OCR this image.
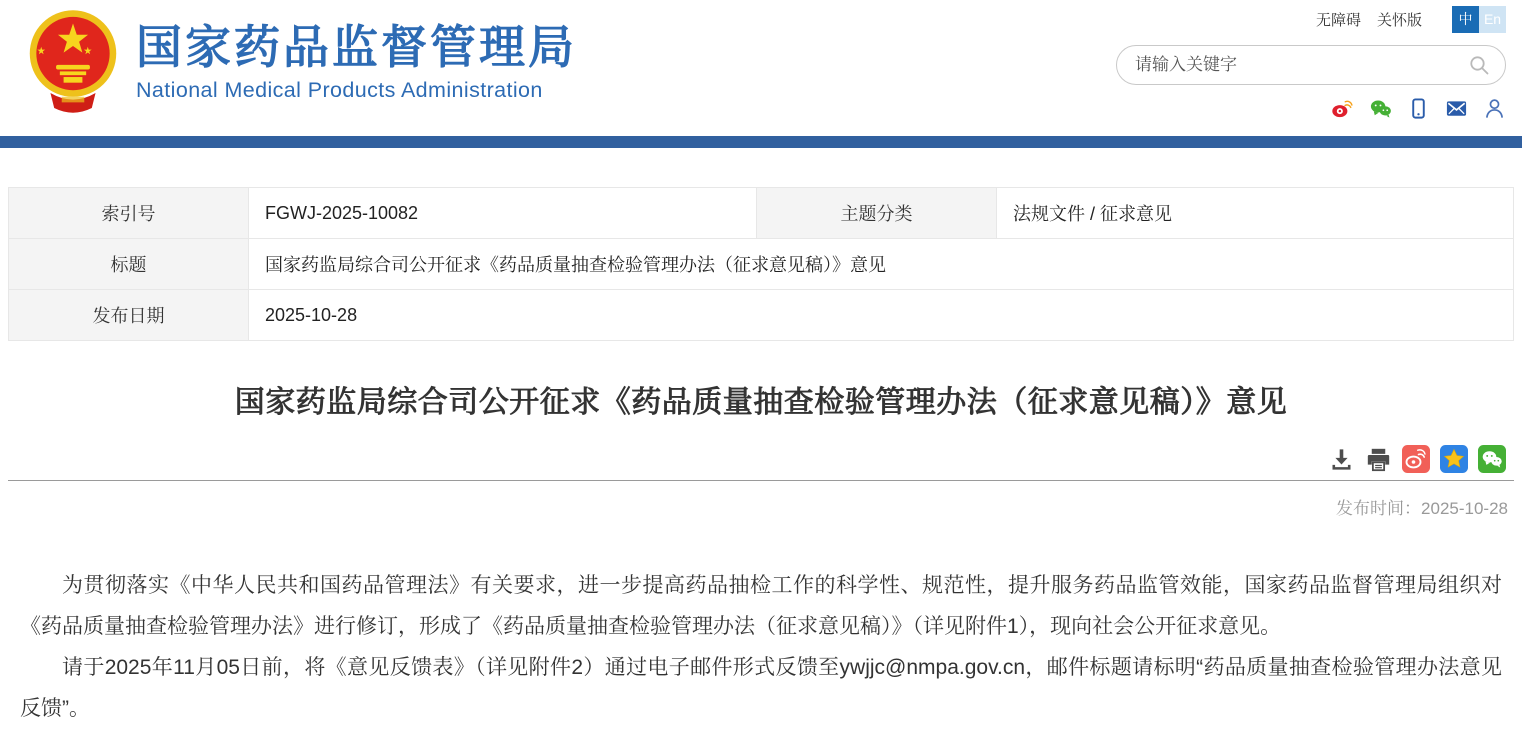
国家药品监督管理局
National Medical Products Administration
无障碍 关怀版	中 En
请输入关键字
索引号	FGWJ-2025-10082	主题分类	法规文件 / 征求意见
标题	国家药监局综合司公开征求《药品质量抽查检验管理办法（征求意见稿）》意见		
发布日期	2025-10-28		
国家药监局综合司公开征求《药品质量抽查检验管理办法（征求意见稿）》意见
发布时间：2025-10-28

为贯彻落实《中华人民共和国药品管理法》有关要求，进一步提高药品抽检工作的科学性、规范性，提升服务药品监管效能，国家药品监督管理局组织对《药品质量抽查检验管理办法》进行修订，形成了《药品质量抽查检验管理办法（征求意见稿）》（详见附件1），现向社会公开征求意见。

请于2025年11月05日前，将《意见反馈表》（详见附件2）通过电子邮件形式反馈至ywjjc@nmpa.gov.cn，邮件标题请标明“药品质量抽查检验管理办法意见反馈”。
